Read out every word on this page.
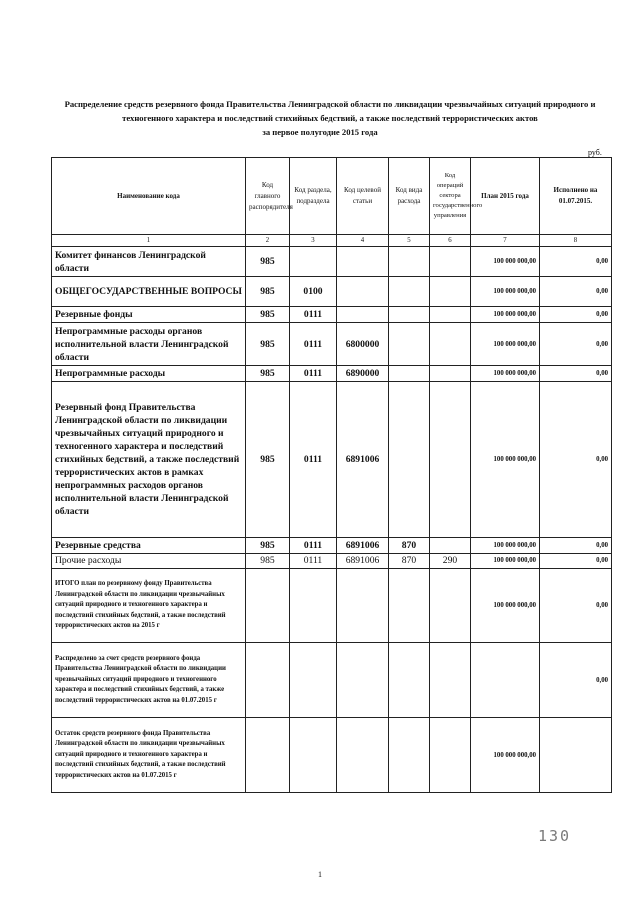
Распределение средств резервного фонда Правительства Ленинградской области по ликвидации чрезвычайных ситуаций природного и техногенного характера и последствий стихийных бедствий, а также последствий террористических актов
за первое полугодие 2015 года
руб.
Наименование кода	Код главного распорядителя	Код раздела, подраздела	Код целевой статьи	Код вида расхода	Код операций сектора государственного управления	План 2015 года	Исполнено на 01.07.2015.
1	2	3	4	5	6	7	8
Комитет финансов Ленинградской области	985					100 000 000,00	0,00
ОБЩЕГОСУДАРСТВЕННЫЕ ВОПРОСЫ	985	0100				100 000 000,00	0,00
Резервные фонды	985	0111				100 000 000,00	0,00
Непрограммные расходы органов исполнительной власти Ленинградской области	985	0111	6800000			100 000 000,00	0,00
Непрограммные расходы	985	0111	6890000			100 000 000,00	0,00
Резервный фонд Правительства Ленинградской области по ликвидации чрезвычайных ситуаций природного и техногенного характера и последствий стихийных бедствий, а также последствий террористических актов в рамках непрограммных расходов органов исполнительной власти Ленинградской области	985	0111	6891006			100 000 000,00	0,00
Резервные средства	985	0111	6891006	870		100 000 000,00	0,00
Прочие расходы	985	0111	6891006	870	290	100 000 000,00	0,00
ИТОГО план по резервному фонду Правительства Ленинградской области по ликвидации чрезвычайных ситуаций природного и техногенного характера и последствий стихийных бедствий, а также последствий террористических актов на 2015 г						100 000 000,00	0,00
Распределено за счет средств резервного фонда Правительства Ленинградской области по ликвидации чрезвычайных ситуаций природного и техногенного характера и последствий стихийных бедствий, а также последствий террористических актов на 01.07.2015 г							0,00
Остаток средств резервного фонда Правительства Ленинградской области по ликвидации чрезвычайных ситуаций природного и техногенного характера и последствий стихийных бедствий, а также последствий террористических актов на 01.07.2015 г						100 000 000,00	
130
1
